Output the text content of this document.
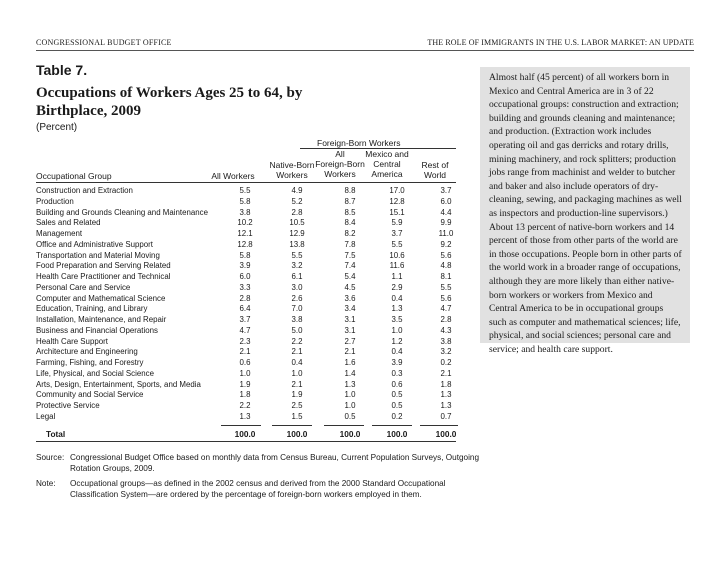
CONGRESSIONAL BUDGET OFFICE	THE ROLE OF IMMIGRANTS IN THE U.S. LABOR MARKET: AN UPDATE
Table 7.
Occupations of Workers Ages 25 to 64, by Birthplace, 2009
(Percent)

Almost half (45 percent) of all workers born in Mexico and Central America are in 3 of 22 occupational groups: construction and extraction; building and grounds cleaning and maintenance; and production. (Extraction work includes operating oil and gas derricks and rotary drills, mining machinery, and rock splitters; production jobs range from machinist and welder to butcher and baker and also include operators of dry-cleaning, sewing, and packaging machines as well as inspectors and production-line supervisors.) About 13 percent of native-born workers and 14 percent of those from other parts of the world are in those occupations. People born in other parts of the world work in a broader range of occupations, although they are more likely than either native-born workers or workers from Mexico and Central America to be in occupational groups such as computer and mathematical sciences; life, physical, and social sciences; personal care and service; and health care support.

Foreign-Born Workers
Occupational Group	All Workers
Native-Born
Workers
All
Foreign-Born
Workers
Mexico and
Central
America
Rest of
World
Construction and Extraction	5.5	4.9	8.8	17.0	3.7
Production	5.8	5.2	8.7	12.8	6.0
Building and Grounds Cleaning and Maintenance	3.8	2.8	8.5	15.1	4.4
Sales and Related	10.2	10.5	8.4	5.9	9.9
Management	12.1	12.9	8.2	3.7	11.0
Office and Administrative Support	12.8	13.8	7.8	5.5	9.2
Transportation and Material Moving	5.8	5.5	7.5	10.6	5.6
Food Preparation and Serving Related	3.9	3.2	7.4	11.6	4.8
Health Care Practitioner and Technical	6.0	6.1	5.4	1.1	8.1
Personal Care and Service	3.3	3.0	4.5	2.9	5.5
Computer and Mathematical Science	2.8	2.6	3.6	0.4	5.6
Education, Training, and Library	6.4	7.0	3.4	1.3	4.7
Installation, Maintenance, and Repair	3.7	3.8	3.1	3.5	2.8
Business and Financial Operations	4.7	5.0	3.1	1.0	4.3
Health Care Support	2.3	2.2	2.7	1.2	3.8
Architecture and Engineering	2.1	2.1	2.1	0.4	3.2
Farming, Fishing, and Forestry	0.6	0.4	1.6	3.9	0.2
Life, Physical, and Social Science	1.0	1.0	1.4	0.3	2.1
Arts, Design, Entertainment, Sports, and Media	1.9	2.1	1.3	0.6	1.8
Community and Social Service	1.8	1.9	1.0	0.5	1.3
Protective Service	2.2	2.5	1.0	0.5	1.3
Legal	1.3	1.5	0.5	0.2	0.7
Total	100.0	100.0	100.0	100.0	100.0
Source: Congressional Budget Office based on monthly data from Census Bureau, Current Population Surveys, Outgoing Rotation Groups, 2009.
Note: Occupational groups—as defined in the 2002 census and derived from the 2000 Standard Occupational Classification System—are ordered by the percentage of foreign-born workers employed in them.
